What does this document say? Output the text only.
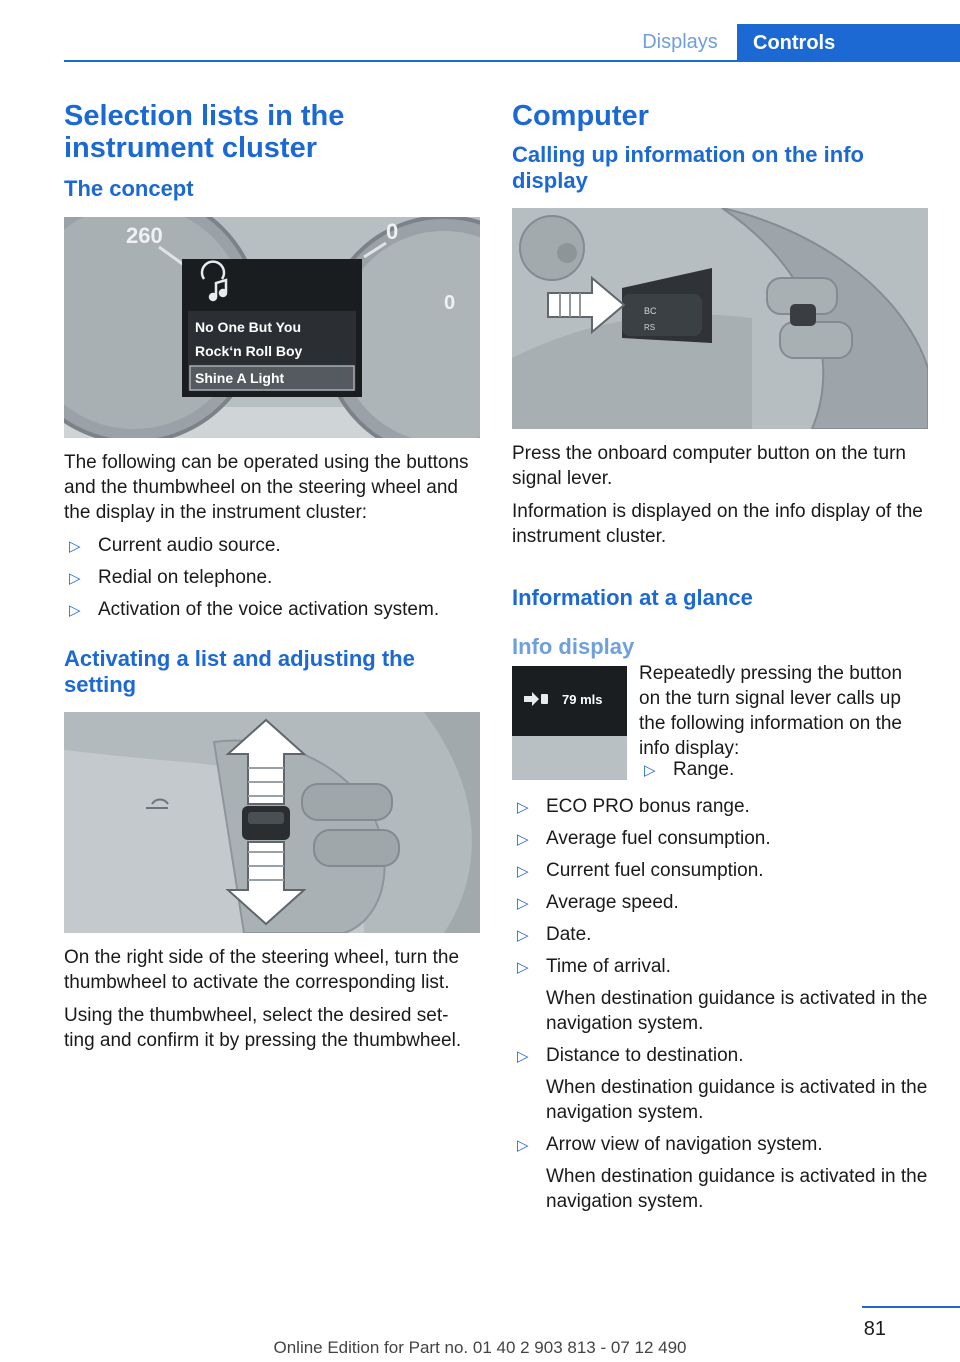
Displays	Controls
Selection lists in the instrument cluster
The concept
260	0
0
No One But You
Rock‘n Roll Boy
Shine A Light

The following can be operated using the buttons and the thumbwheel on the steering wheel and the display in the instrument cluster:

▷ Current audio source.
▷ Redial on telephone.
▷ Activation of the voice activation system.
Activating a list and adjusting the setting

On the right side of the steering wheel, turn the thumbwheel to activate the corresponding list.

Using the thumbwheel, select the desired set‐ ting and confirm it by pressing the thumbwheel.

Computer
Calling up information on the info display
BC
RS

Press the onboard computer button on the turn signal lever.

Information is displayed on the info display of the instrument cluster.

Information at a glance
Info display
79 mls

Repeatedly pressing the button on the turn signal lever calls up the following information on the info display:

▷ Range.
▷ ECO PRO bonus range.
▷ Average fuel consumption.
▷ Current fuel consumption.
▷ Average speed.
▷ Date.
▷ Time of arrival.
When destination guidance is activated in the navigation system.
▷ Distance to destination.
When destination guidance is activated in the navigation system.
▷ Arrow view of navigation system.
When destination guidance is activated in the navigation system.
81
Online Edition for Part no. 01 40 2 903 813 - 07 12 490
